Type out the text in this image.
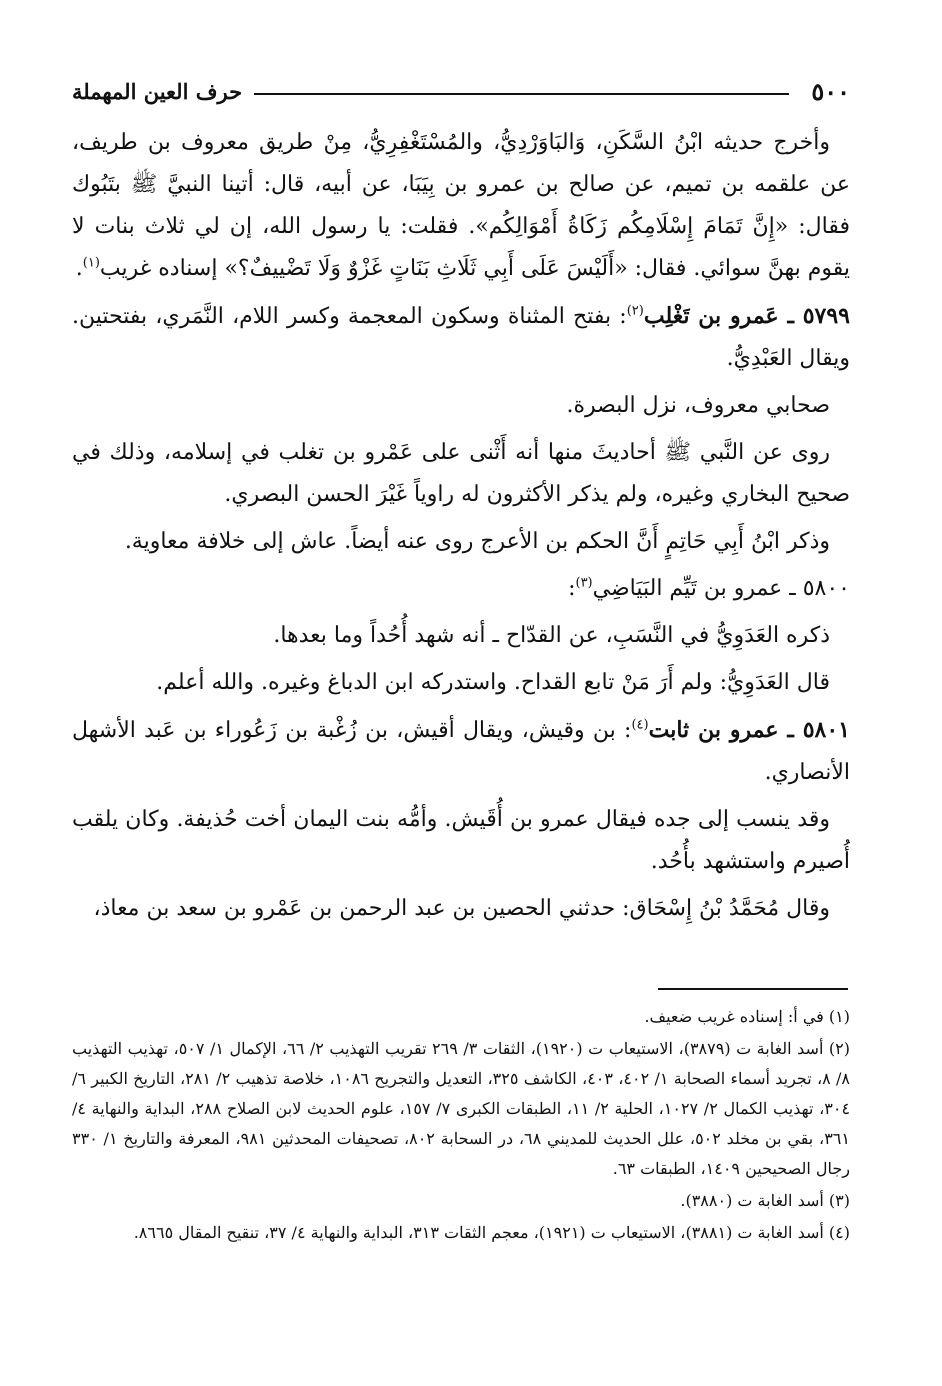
٥٠٠
حرف العين المهملة

وأخرج حديثه ابْنُ السَّكَنِ، وَالبَاوَرْدِيُّ، والمُسْتَغْفِرِيُّ، مِنْ طريق معروف بن طريف، عن علقمه بن تميم، عن صالح بن عمرو بن بِيَبَا، عن أبيه، قال: أتينا النبيَّ ﷺ بتَبُوك فقال: «إِنَّ تَمَامَ إِسْلَامِكُم زَكَاةُ أَمْوَالِكُم». فقلت: يا رسول الله، إن لي ثلاث بنات لا يقوم بهنَّ سوائي. فقال: «أَلَيْسَ عَلَى أَبِي ثَلَاثِ بَنَاتٍ غَزْوٌ وَلَا تَضْييفٌ؟» إسناده غريب$^{(١)}$.

٥٧٩٩ ـ عَمرو بن تَغْلِب$^{(٢)}$: بفتح المثناة وسكون المعجمة وكسر اللام، النَّمَري، بفتحتين. ويقال العَبْدِيُّ.

صحابي معروف، نزل البصرة.

روى عن النَّبي ﷺ أحاديثَ منها أنه أَثْنى على عَمْرو بن تغلب في إسلامه، وذلك في صحيح البخاري وغيره، ولم يذكر الأكثرون له راوياً غَيْرَ الحسن البصري.

وذكر ابْنُ أَبِي حَاتِمٍ أَنَّ الحكم بن الأعرج روى عنه أيضاً. عاش إلى خلافة معاوية.

٥٨٠٠ ـ عمرو بن تَيِّم البَيَاضِي$^{(٣)}$:

ذكره العَدَوِيُّ في النَّسَبِ، عن القدّاح ـ أنه شهد أُحُداً وما بعدها.

قال العَدَوِيُّ: ولم أَرَ مَنْ تابع القداح. واستدركه ابن الدباغ وغيره. والله أعلم.

٥٨٠١ ـ عمرو بن ثابت$^{(٤)}$: بن وقيش، ويقال أقيش، بن زُغْبة بن زَعُوراء بن عَبد الأشهل الأنصاري.

وقد ينسب إلى جده فيقال عمرو بن أُقَيش. وأمُّه بنت اليمان أخت حُذيفة. وكان يلقب أُصيرم واستشهد بأُحُد.

وقال مُحَمَّدُ بْنُ إِسْحَاق: حدثني الحصين بن عبد الرحمن بن عَمْرو بن سعد بن معاذ،

(١) في أ: إسناده غريب ضعيف.
(٢) أسد الغابة ت (٣٨٧٩)، الاستيعاب ت (١٩٢٠)، الثقات ٣/ ٢٦٩ تقريب التهذيب ٢/ ٦٦، الإكمال ١/ ٥٠٧، تهذيب التهذيب ٨/ ٨، تجريد أسماء الصحابة ١/ ٤٠٢، ٤٠٣، الكاشف ٣٢٥، التعديل والتجريح ١٠٨٦، خلاصة تذهيب ٢/ ٢٨١، التاريخ الكبير ٦/ ٣٠٤، تهذيب الكمال ٢/ ١٠٢٧، الحلية ٢/ ١١، الطبقات الكبرى ٧/ ١٥٧، علوم الحديث لابن الصلاح ٢٨٨، البداية والنهاية ٤/ ٣٦١، بقي بن مخلد ٥٠٢، علل الحديث للمديني ٦٨، در السحابة ٨٠٢، تصحيفات المحدثين ٩٨١، المعرفة والتاريخ ١/ ٣٣٠ رجال الصحيحين ١٤٠٩، الطبقات ٦٣.
(٣) أسد الغابة ت (٣٨٨٠).
(٤) أسد الغابة ت (٣٨٨١)، الاستيعاب ت (١٩٢١)، معجم الثقات ٣١٣، البداية والنهاية ٤/ ٣٧، تنقيح المقال ٨٦٦٥.
